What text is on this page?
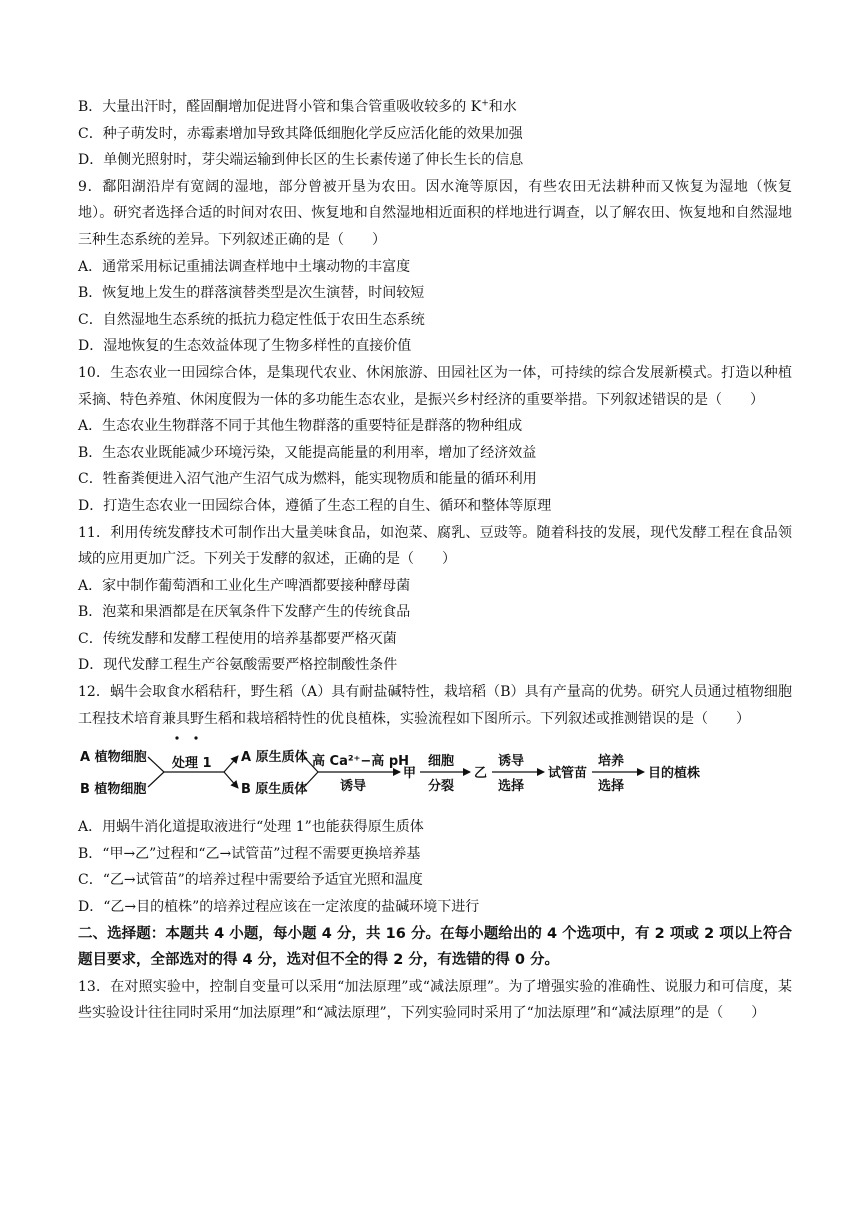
B．大量出汗时，醛固酮增加促进肾小管和集合管重吸收较多的 K+和水
C．种子萌发时，赤霉素增加导致其降低细胞化学反应活化能的效果加强
D．单侧光照射时，芽尖端运输到伸长区的生长素传递了伸长生长的信息
9．鄱阳湖沿岸有宽阔的湿地，部分曾被开垦为农田。因水淹等原因，有些农田无法耕种而又恢复为湿地（恢复地）。研究者选择合适的时间对农田、恢复地和自然湿地相近面积的样地进行调查，以了解农田、恢复地和自然湿地三种生态系统的差异。下列叙述正确的是（　　）
A．通常采用标记重捕法调查样地中土壤动物的丰富度
B．恢复地上发生的群落演替类型是次生演替，时间较短
C．自然湿地生态系统的抵抗力稳定性低于农田生态系统
D．湿地恢复的生态效益体现了生物多样性的直接价值
10．生态农业一田园综合体，是集现代农业、休闲旅游、田园社区为一体，可持续的综合发展新模式。打造以种植采摘、特色养殖、休闲度假为一体的多功能生态农业，是振兴乡村经济的重要举措。下列叙述错误的是（　　）
A．生态农业生物群落不同于其他生物群落的重要特征是群落的物种组成
B．生态农业既能减少环境污染，又能提高能量的利用率，增加了经济效益
C．牲畜粪便进入沼气池产生沼气成为燃料，能实现物质和能量的循环利用
D．打造生态农业一田园综合体，遵循了生态工程的自生、循环和整体等原理
11．利用传统发酵技术可制作出大量美味食品，如泡菜、腐乳、豆豉等。随着科技的发展，现代发酵工程在食品领域的应用更加广泛。下列关于发酵的叙述，正确的是（　　）
A．家中制作葡萄酒和工业化生产啤酒都要接种酵母菌
B．泡菜和果酒都是在厌氧条件下发酵产生的传统食品
C．传统发酵和发酵工程使用的培养基都要严格灭菌
D．现代发酵工程生产谷氨酸需要严格控制酸性条件
12．蜗牛会取食水稻秸秆，野生稻（A）具有耐盐碱特性，栽培稻（B）具有产量高的优势。研究人员通过植物细胞工程技术培育兼具野生稻和栽培稻特性的优良植株，实验流程如下图所示。下列叙述或推测错误的是（　　）
A 植物细胞
B 植物细胞
处理 1 A 原生质体
B 原生质体
高 Ca²⁺−高 pH
诱导
甲
细胞
分裂
乙
诱导
选择
试管苗
培养
选择
目的植株
A．用蜗牛消化道提取液进行“处理 1”也能获得原生质体
B．“甲→乙”过程和“乙→试管苗”过程不需要更换培养基
C．“乙→试管苗”的培养过程中需要给予适宜光照和温度
D．“乙→目的植株”的培养过程应该在一定浓度的盐碱环境下进行
二、选择题：本题共 4 小题，每小题 4 分，共 16 分。在每小题给出的 4 个选项中，有 2 项或 2 项以上符合题目要求，全部选对的得 4 分，选对但不全的得 2 分，有选错的得 0 分。
13．在对照实验中，控制自变量可以采用“加法原理”或“减法原理”。为了增强实验的准确性、说服力和可信度，某些实验设计往往同时采用“加法原理”和“减法原理”，下列实验同时采用了“加法原理”和“减法原理”的是（　　）
